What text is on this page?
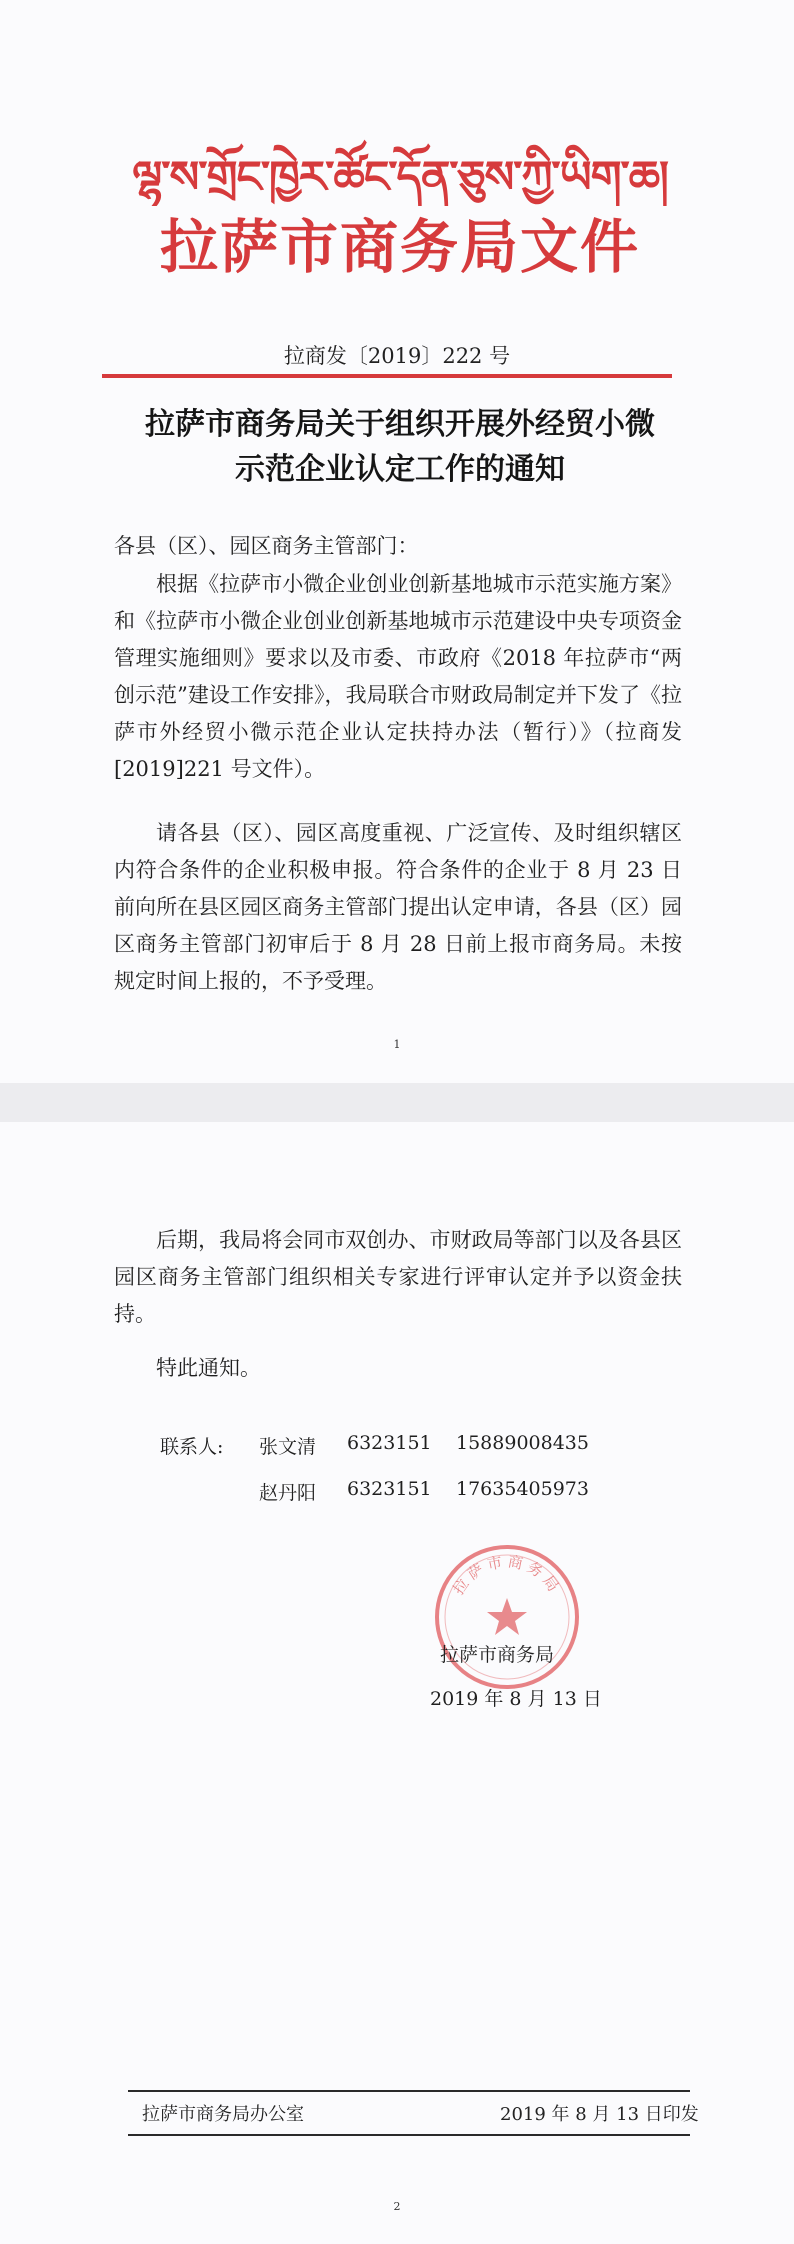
ལྷ་ས་གྲོང་ཁྱེར་ཚོང་དོན་ཅུས་ཀྱི་ཡིག་ཆ།
拉萨市商务局文件
拉商发〔2019〕222 号
拉萨市商务局关于组织开展外经贸小微
示范企业认定工作的通知
各县（区）、园区商务主管部门：
根据《拉萨市小微企业创业创新基地城市示范实施方案》和《拉萨市小微企业创业创新基地城市示范建设中央专项资金管理实施细则》要求以及市委、市政府《2018 年拉萨市“两创示范”建设工作安排》，我局联合市财政局制定并下发了《拉萨市外经贸小微示范企业认定扶持办法（暂行）》（拉商发[2019]221 号文件）。
请各县（区）、园区高度重视、广泛宣传、及时组织辖区内符合条件的企业积极申报。符合条件的企业于 8 月 23 日前向所在县区园区商务主管部门提出认定申请，各县（区）园区商务主管部门初审后于 8 月 28 日前上报市商务局。未按规定时间上报的，不予受理。
1
后期，我局将会同市双创办、市财政局等部门以及各县区园区商务主管部门组织相关专家进行评审认定并予以资金扶持。
特此通知。
联系人: 张文清 6323151 15889008435
赵丹阳 6323151 17635405973
拉萨市商务局
拉萨市商务局
2019 年 8 月 13 日
拉萨市商务局办公室	2019 年 8 月 13 日印发
2
